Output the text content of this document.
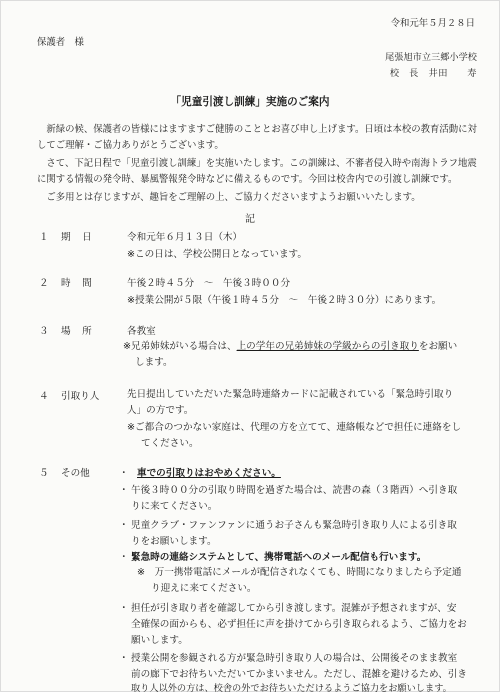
令和元年５月２８日
保護者　様
尾張旭市立三郷小学校
校　長　井田　　寿
「児童引渡し訓練」実施のご案内
新緑の候、保護者の皆様にはますますご健勝のこととお喜び申し上げます。日頃は本校の教育活動に対してご理解・ご協力ありがとうございます。
さて、下記日程で「児童引渡し訓練」を実施いたします。この訓練は、不審者侵入時や南海トラフ地震に関する情報の発令時、暴風警報発令時などに備えるものです。今回は校舎内での引渡し訓練です。
ご多用とは存じますが、趣旨をご理解の上、ご協力くださいますようお願いいたします。
記
１ 期　日	令和元年６月１３日（木）
※この日は、学校公開日となっています。
２ 時　間	午後２時４５分　～　午後３時００分
※授業公開が５限（午後１時４５分　～　午後２時３０分）にあります。
３ 場　所	各教室
※兄弟姉妹がいる場合は、上の学年の兄弟姉妹の学級からの引き取りをお願い
します。
４ 引取り人	先日提出していただいた緊急時連絡カードに記載されている「緊急時引取り
人」の方です。
※ご都合のつかない家庭は、代理の方を立てて、連絡帳などで担任に連絡をし
てください。
５ その他	・ 車での引取りはおやめください。
・ 午後３時００分の引取り時間を過ぎた場合は、読書の森（３階西）へ引き取
りに来てください。
・ 児童クラブ・ファンファンに通うお子さんも緊急時引き取り人による引き取
りをお願いします。
・ 緊急時の連絡システムとして、携帯電話へのメール配信も行います。
※　万一携帯電話にメールが配信されなくても、時間になりましたら予定通
り迎えに来てください。
・ 担任が引き取り者を確認してから引き渡します。混雑が予想されますが、安
全確保の面からも、必ず担任に声を掛けてから引き取られるよう、ご協力をお
願いします。
・ 授業公開を参観される方が緊急時引き取り人の場合は、公開後そのまま教室
前の廊下でお待ちいただいてかまいません。ただし、混雑を避けるため、引き
取り人以外の方は、校舎の外でお待ちいただけるようご協力をお願いします。
